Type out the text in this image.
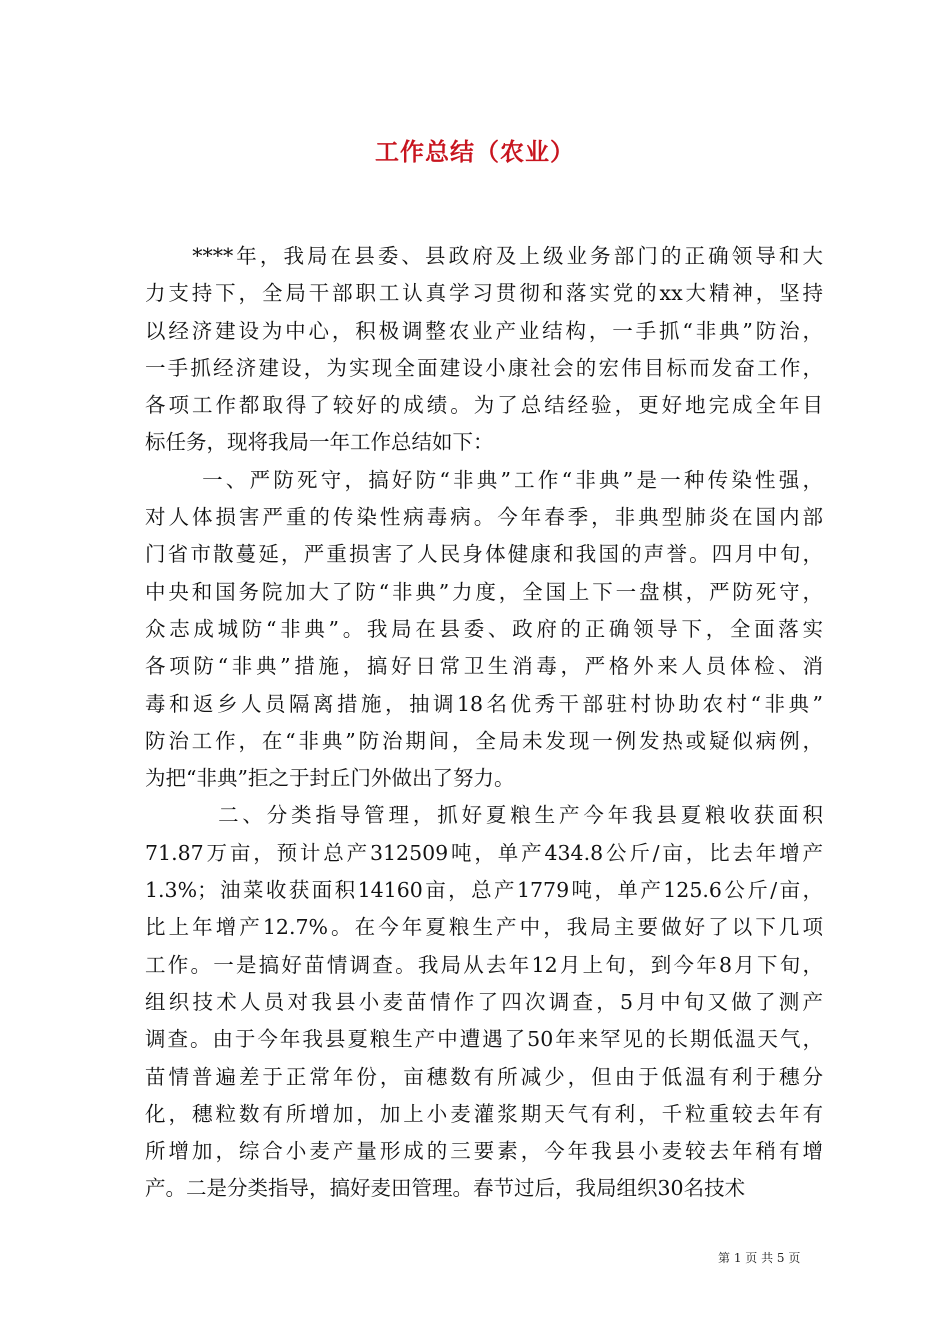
工作总结（农业）
　　****年，我局在县委、县政府及上级业务部门的正确领导和大
力支持下，全局干部职工认真学习贯彻和落实党的xx大精神，坚持
以经济建设为中心，积极调整农业产业结构，一手抓“非典”防治，
一手抓经济建设，为实现全面建设小康社会的宏伟目标而发奋工作，
各项工作都取得了较好的成绩。为了总结经验，更好地完成全年目
标任务，现将我局一年工作总结如下：
　　 一、严防死守，搞好防“非典”工作“非典”是一种传染性强，
对人体损害严重的传染性病毒病。今年春季，非典型肺炎在国内部
门省市散蔓延，严重损害了人民身体健康和我国的声誉。四月中旬，
中央和国务院加大了防“非典”力度，全国上下一盘棋，严防死守，
众志成城防“非典”。我局在县委、政府的正确领导下，全面落实
各项防“非典”措施，搞好日常卫生消毒，严格外来人员体检、消
毒和返乡人员隔离措施，抽调18名优秀干部驻村协助农村“非典”
防治工作，在“非典”防治期间，全局未发现一例发热或疑似病例，
为把“非典”拒之于封丘门外做出了努力。
　　　二、分类指导管理，抓好夏粮生产今年我县夏粮收获面积
71.87万亩，预计总产312509吨，单产434.8公斤/亩，比去年增产
1.3%；油菜收获面积14160亩，总产1779吨，单产125.6公斤/亩，
比上年增产12.7%。在今年夏粮生产中，我局主要做好了以下几项
工作。一是搞好苗情调查。我局从去年12月上旬，到今年8月下旬，
组织技术人员对我县小麦苗情作了四次调查，5月中旬又做了测产
调查。由于今年我县夏粮生产中遭遇了50年来罕见的长期低温天气，
苗情普遍差于正常年份，亩穗数有所减少，但由于低温有利于穗分
化，穗粒数有所增加，加上小麦灌浆期天气有利，千粒重较去年有
所增加，综合小麦产量形成的三要素，今年我县小麦较去年稍有增
产。二是分类指导，搞好麦田管理。春节过后，我局组织30名技术
第 1 页 共 5 页
